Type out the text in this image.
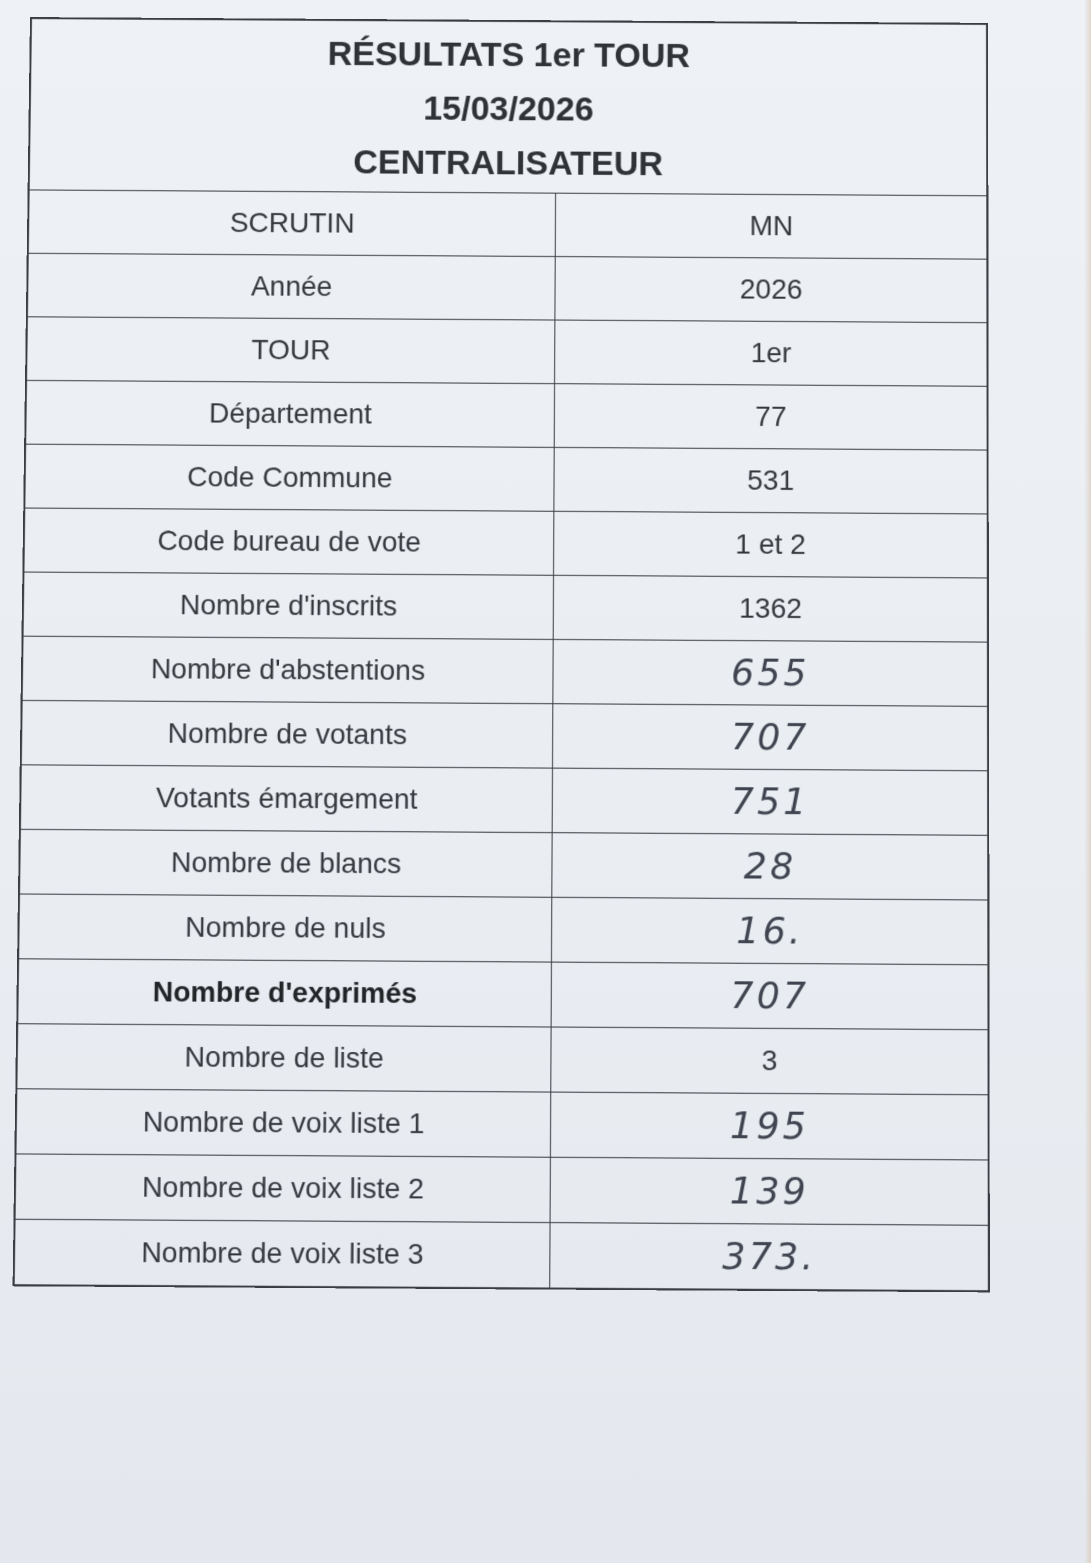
RÉSULTATS 1er TOUR
15/03/2026
CENTRALISATEUR	

SCRUTIN	MN
Année	2026
TOUR	1er
Département	77
Code Commune	531
Code bureau de vote	1 et 2
Nombre d'inscrits	1362
Nombre d'abstentions	655
Nombre de votants	707
Votants émargement	751
Nombre de blancs	28
Nombre de nuls	16.
Nombre d'exprimés	707
Nombre de liste	3
Nombre de voix liste 1	195
Nombre de voix liste 2	139
Nombre de voix liste 3	373.
